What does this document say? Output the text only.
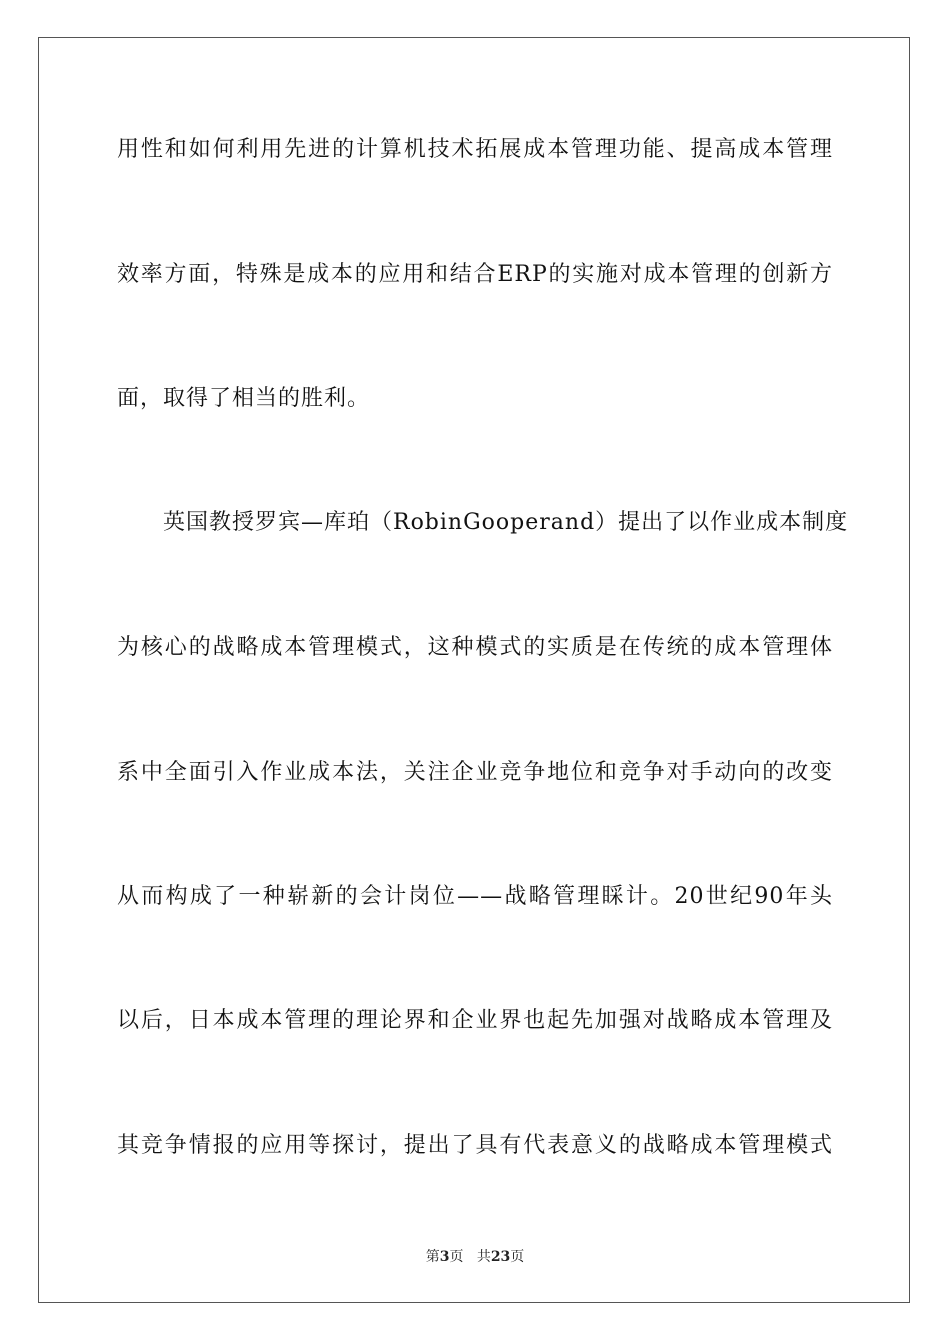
用性和如何利用先进的计算机技术拓展成本管理功能、提高成本管理
效率方面，特殊是成本的应用和结合ERP的实施对成本管理的创新方
面，取得了相当的胜利。
英国教授罗宾—库珀（RobinGooperand）提出了以作业成本制度
为核心的战略成本管理模式，这种模式的实质是在传统的成本管理体
系中全面引入作业成本法，关注企业竞争地位和竞争对手动向的改变
从而构成了一种崭新的会计岗位——战略管理睬计。20世纪90年头
以后，日本成本管理的理论界和企业界也起先加强对战略成本管理及
其竞争情报的应用等探讨，提出了具有代表意义的战略成本管理模式
第3页 共23页
